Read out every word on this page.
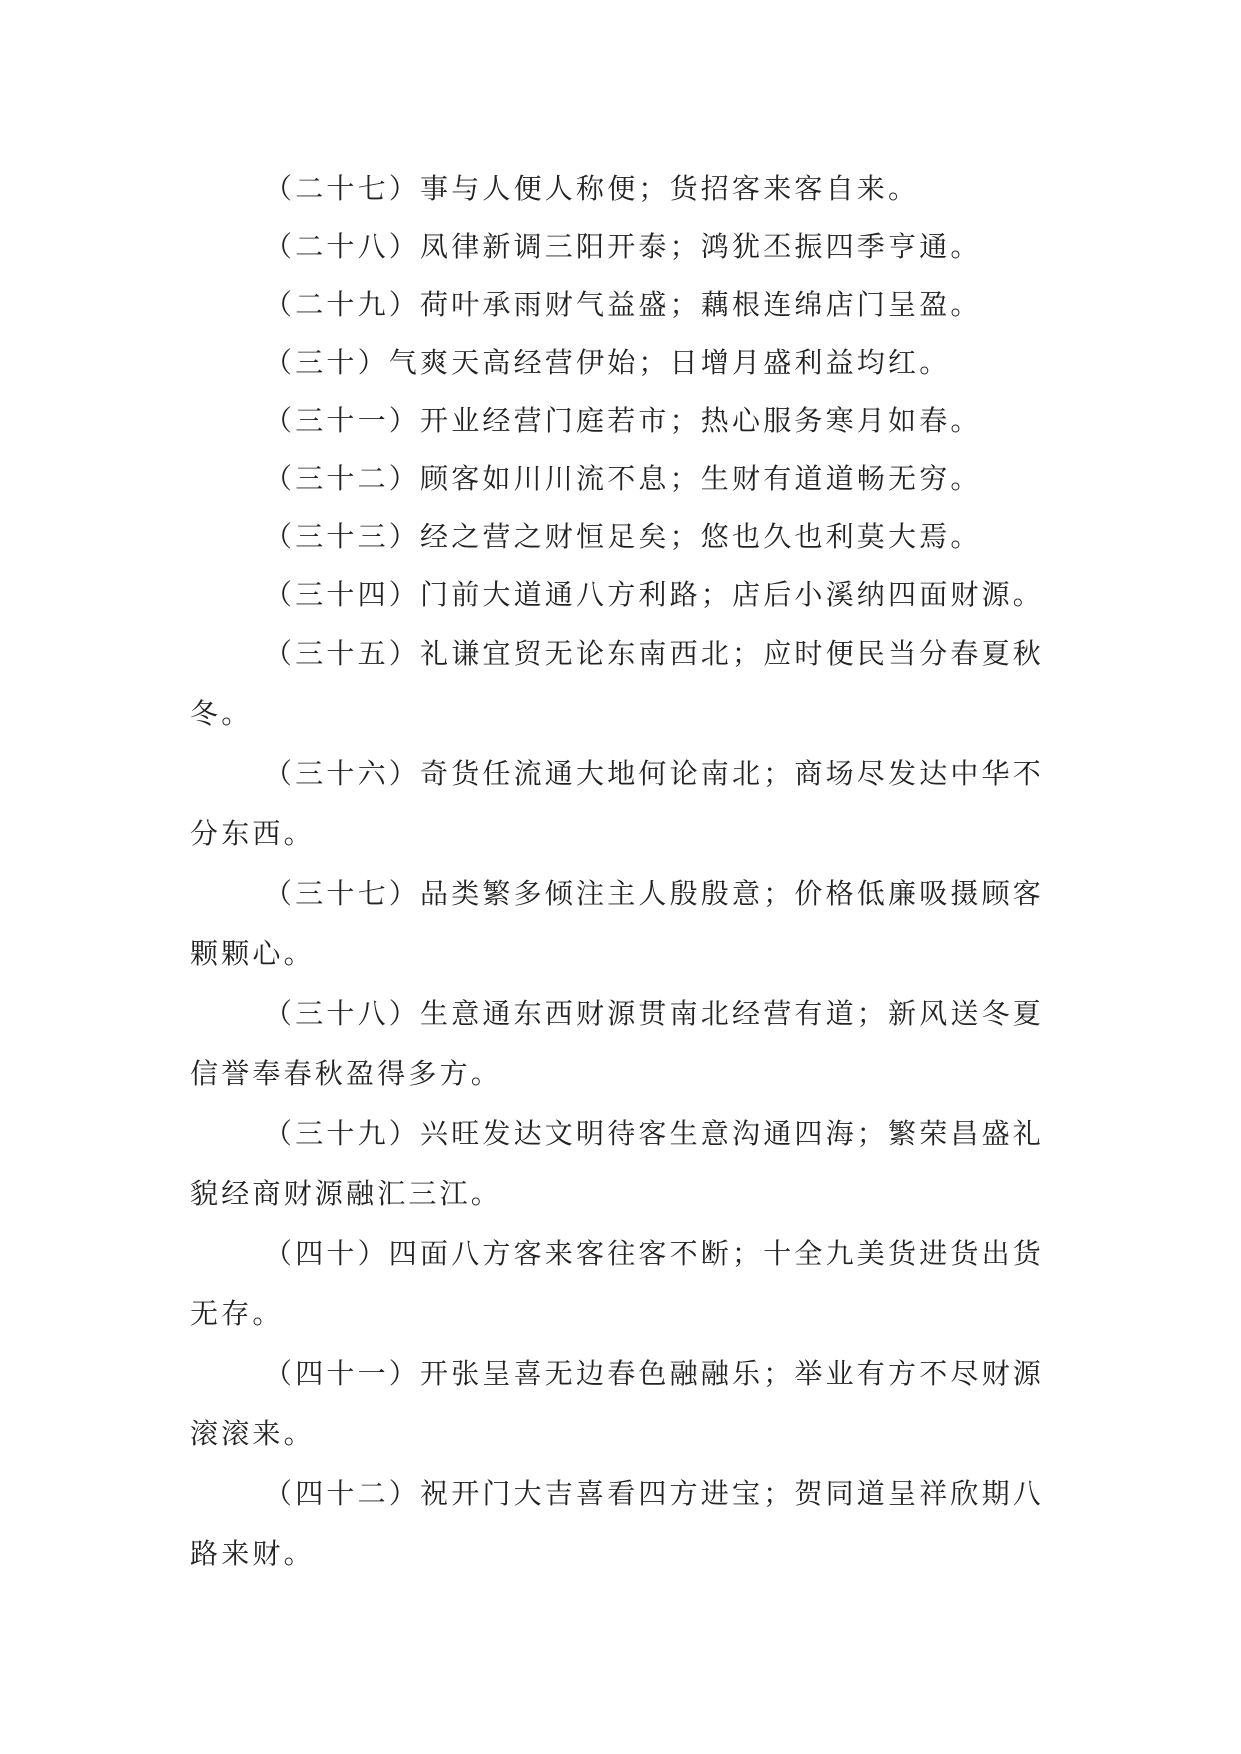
（二十七）事与人便人称便；货招客来客自来。

（二十八）凤律新调三阳开泰；鸿犹丕振四季亨通。

（二十九）荷叶承雨财气益盛；藕根连绵店门呈盈。

（三十）气爽天高经营伊始；日增月盛利益均红。

（三十一）开业经营门庭若市；热心服务寒月如春。

（三十二）顾客如川川流不息；生财有道道畅无穷。

（三十三）经之营之财恒足矣；悠也久也利莫大焉。

（三十四）门前大道通八方利路；店后小溪纳四面财源。

（三十五）礼谦宜贸无论东南西北；应时便民当分春夏秋冬。

（三十六）奇货任流通大地何论南北；商场尽发达中华不分东西。

（三十七）品类繁多倾注主人殷殷意；价格低廉吸摄顾客颗颗心。

（三十八）生意通东西财源贯南北经营有道；新风送冬夏信誉奉春秋盈得多方。

（三十九）兴旺发达文明待客生意沟通四海；繁荣昌盛礼貌经商财源融汇三江。

（四十）四面八方客来客往客不断；十全九美货进货出货无存。

（四十一）开张呈喜无边春色融融乐；举业有方不尽财源滚滚来。

（四十二）祝开门大吉喜看四方进宝；贺同道呈祥欣期八路来财。
